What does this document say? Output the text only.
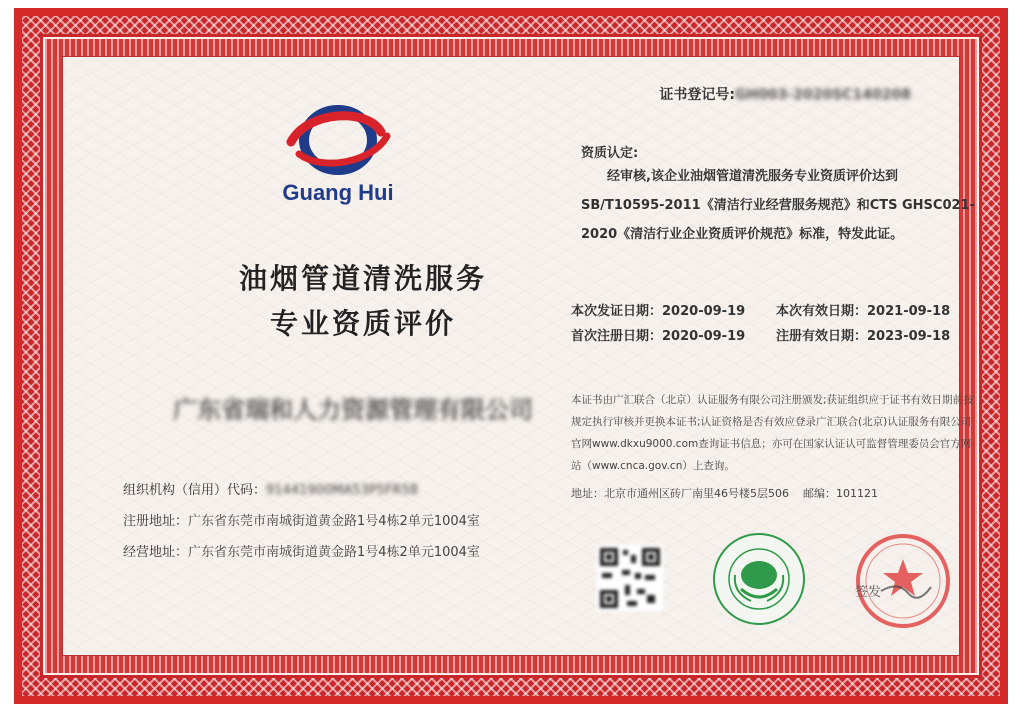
Guang Hui
油烟管道清洗服务
专业资质评价
广东省瑞和人力资源管理有限公司
组织机构（信用）代码：91441900MA53P5FR58
注册地址：广东省东莞市南城街道黄金路1号4栋2单元1004室
经营地址：广东省东莞市南城街道黄金路1号4栋2单元1004室
证书登记号:GH003-2020SC140208
资质认定:
经审核,该企业油烟管道清洗服务专业资质评价达到SB/T10595-2011《清洁行业经营服务规范》和CTS GHSC021-2020《清洁行业企业资质评价规范》标准，特发此证。
本次发证日期：2020-09-19 本次有效日期：2021-09-18
首次注册日期：2020-09-19 注册有效日期：2023-09-18
本证书由广汇联合（北京）认证服务有限公司注册颁发;获证组织应于证书有效日期前按规定执行审核并更换本证书;认证资格是否有效应登录广汇联合(北京)认证服务有限公司官网www.dkxu9000.com查询证书信息；亦可在国家认证认可监督管理委员会官方网站（www.cnca.gov.cn）上查询。
地址：北京市通州区砖厂南里46号楼5层506 邮编：101121
签发
